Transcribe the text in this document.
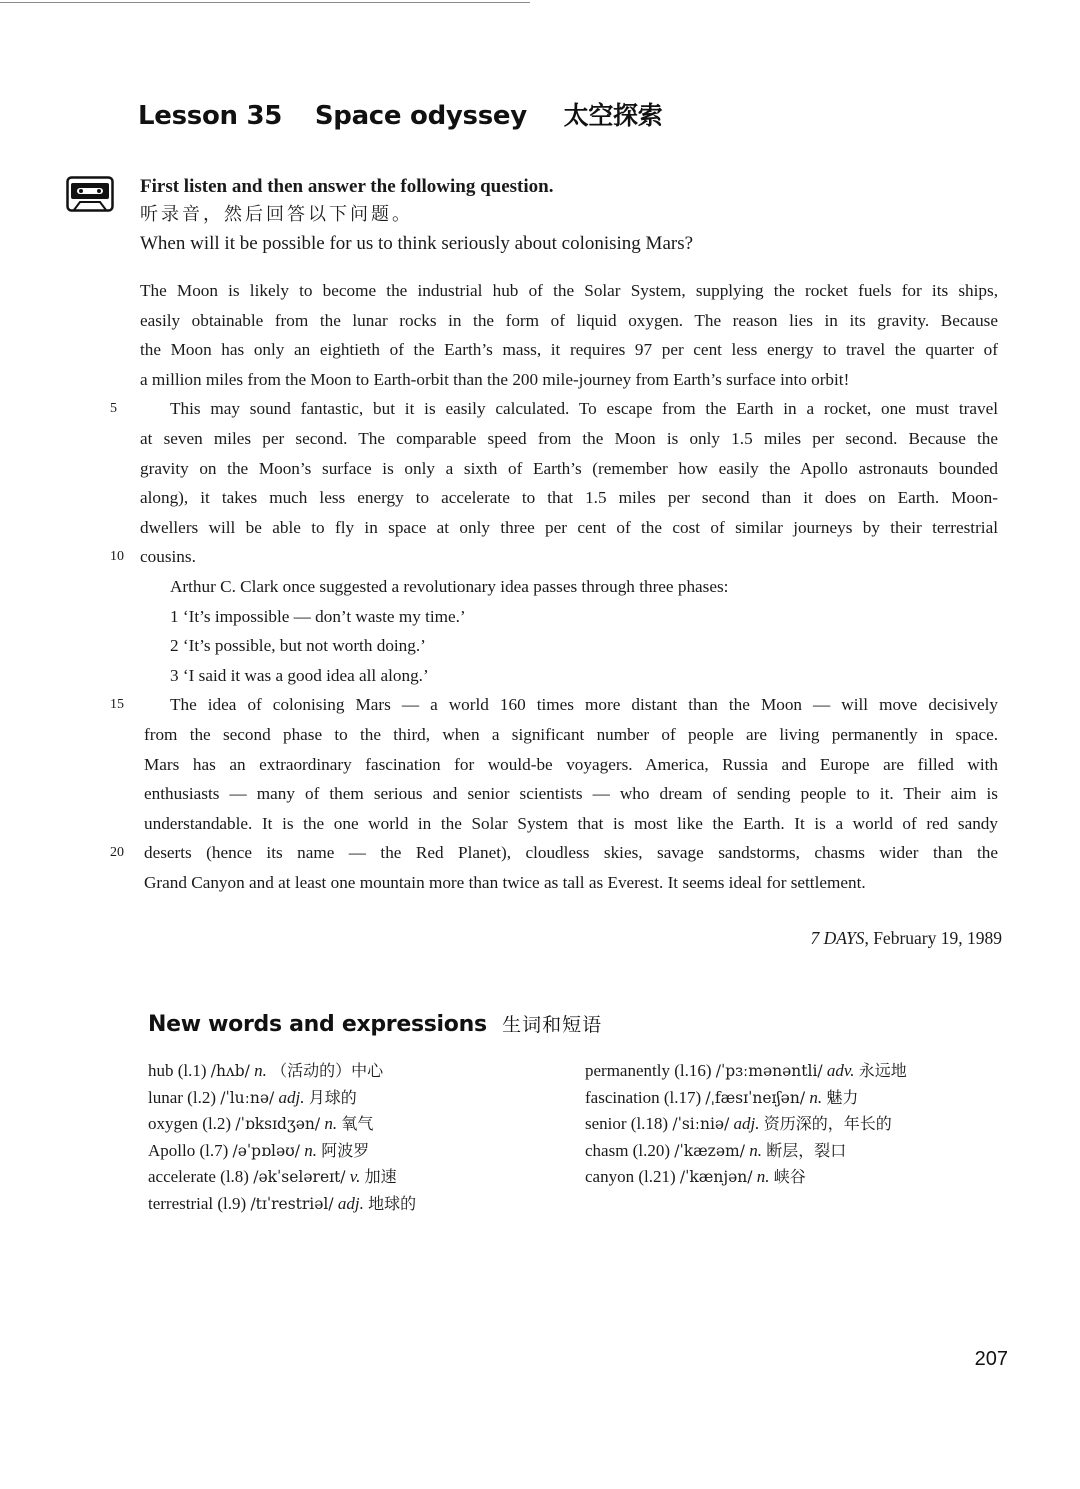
Lesson 35 Space odyssey 太空探索
First listen and then answer the following question.
听录音，然后回答以下问题。
When will it be possible for us to think seriously about colonising Mars?
The Moon is likely to become the industrial hub of the Solar System, supplying the rocket fuels for its ships,
easily obtainable from the lunar rocks in the form of liquid oxygen. The reason lies in its gravity. Because
the Moon has only an eightieth of the Earth’s mass, it requires 97 per cent less energy to travel the quarter of
a million miles from the Moon to Earth-orbit than the 200 mile-journey from Earth’s surface into orbit!
5	This may sound fantastic, but it is easily calculated. To escape from the Earth in a rocket, one must travel
at seven miles per second. The comparable speed from the Moon is only 1.5 miles per second. Because the
gravity on the Moon’s surface is only a sixth of Earth’s (remember how easily the Apollo astronauts bounded
along), it takes much less energy to accelerate to that 1.5 miles per second than it does on Earth. Moon-
dwellers will be able to fly in space at only three per cent of the cost of similar journeys by their terrestrial
10 cousins.
Arthur C. Clark once suggested a revolutionary idea passes through three phases:
1 ‘It’s impossible — don’t waste my time.’
2 ‘It’s possible, but not worth doing.’
3 ‘I said it was a good idea all along.’
15	The idea of colonising Mars — a world 160 times more distant than the Moon — will move decisively
from the second phase to the third, when a significant number of people are living permanently in space.
Mars has an extraordinary fascination for would-be voyagers. America, Russia and Europe are filled with
enthusiasts — many of them serious and senior scientists — who dream of sending people to it. Their aim is
understandable. It is the one world in the Solar System that is most like the Earth. It is a world of red sandy
20	deserts (hence its name — the Red Planet), cloudless skies, savage sandstorms, chasms wider than the
Grand Canyon and at least one mountain more than twice as tall as Everest. It seems ideal for settlement.
7 DAYS, February 19, 1989
New words and expressions 生词和短语
hub (l.1) /hʌb/ n. （活动的）中心
lunar (l.2) /ˈluːnə/ adj. 月球的
oxygen (l.2) /ˈɒksɪdʒən/ n. 氧气
Apollo (l.7) /əˈpɒləʊ/ n. 阿波罗
accelerate (l.8) /əkˈseləreɪt/ v. 加速
terrestrial (l.9) /tɪˈrestriəl/ adj. 地球的
permanently (l.16) /ˈpɜːmənəntli/ adv. 永远地
fascination (l.17) /ˌfæsɪˈneɪʃən/ n. 魅力
senior (l.18) /ˈsiːniə/ adj. 资历深的，年长的
chasm (l.20) /ˈkæzəm/ n. 断层，裂口
canyon (l.21) /ˈkænjən/ n. 峡谷
207
